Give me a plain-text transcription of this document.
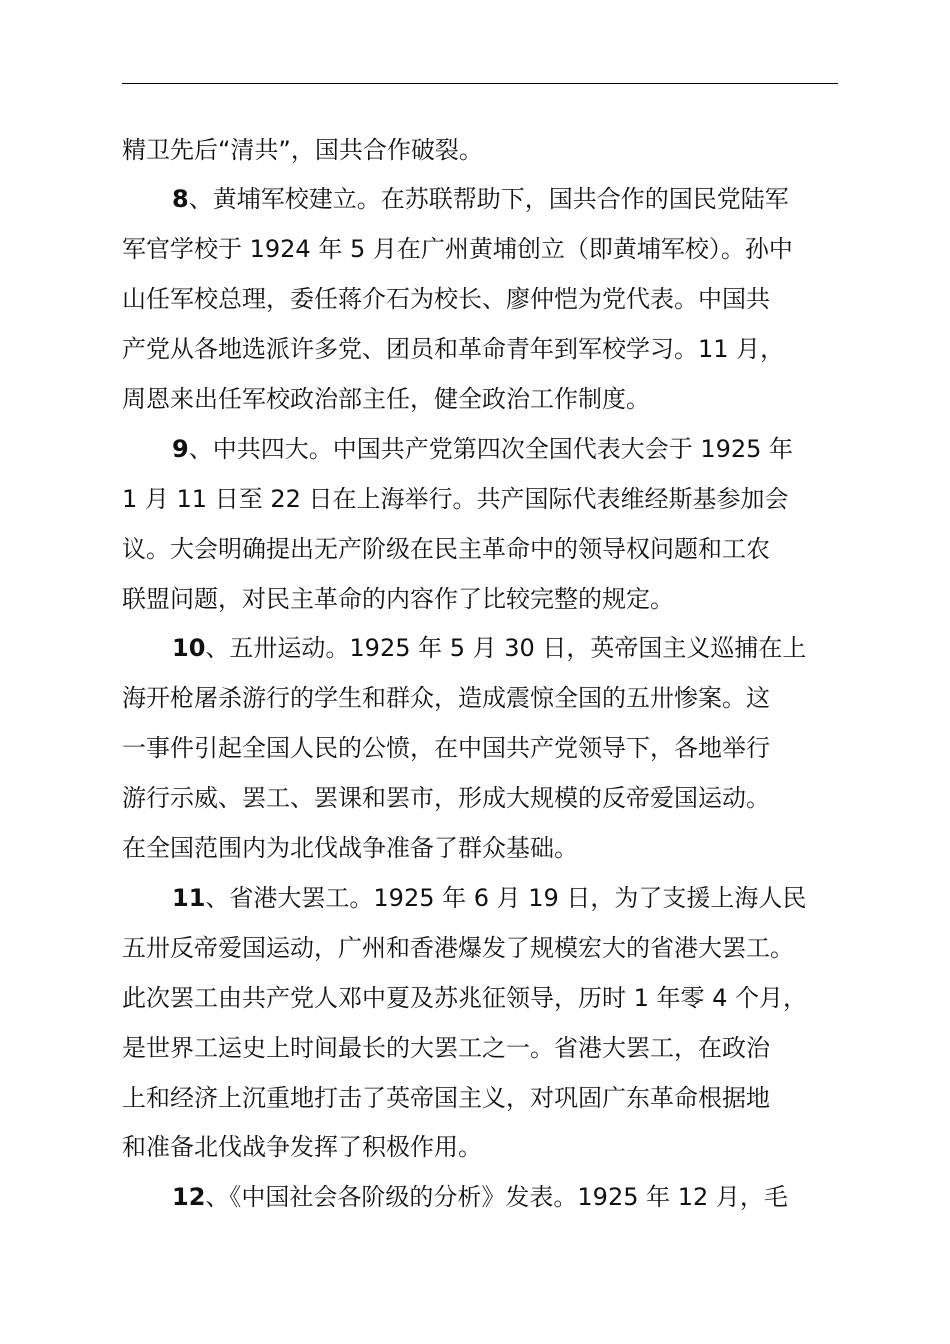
精卫先后“清共”，国共合作破裂。
8、黄埔军校建立。在苏联帮助下，国共合作的国民党陆军
军官学校于 1924 年 5 月在广州黄埔创立（即黄埔军校）。孙中
山任军校总理，委任蒋介石为校长、廖仲恺为党代表。中国共
产党从各地选派许多党、团员和革命青年到军校学习。11 月，
周恩来出任军校政治部主任，健全政治工作制度。
9、中共四大。中国共产党第四次全国代表大会于 1925 年
1 月 11 日至 22 日在上海举行。共产国际代表维经斯基参加会
议。大会明确提出无产阶级在民主革命中的领导权问题和工农
联盟问题，对民主革命的内容作了比较完整的规定。
10、五卅运动。1925 年 5 月 30 日，英帝国主义巡捕在上
海开枪屠杀游行的学生和群众，造成震惊全国的五卅惨案。这
一事件引起全国人民的公愤，在中国共产党领导下，各地举行
游行示威、罢工、罢课和罢市，形成大规模的反帝爱国运动。
在全国范围内为北伐战争准备了群众基础。
11、省港大罢工。1925 年 6 月 19 日，为了支援上海人民
五卅反帝爱国运动，广州和香港爆发了规模宏大的省港大罢工。
此次罢工由共产党人邓中夏及苏兆征领导，历时 1 年零 4 个月，
是世界工运史上时间最长的大罢工之一。省港大罢工，在政治
上和经济上沉重地打击了英帝国主义，对巩固广东革命根据地
和准备北伐战争发挥了积极作用。
12、《中国社会各阶级的分析》发表。1925 年 12 月，毛
